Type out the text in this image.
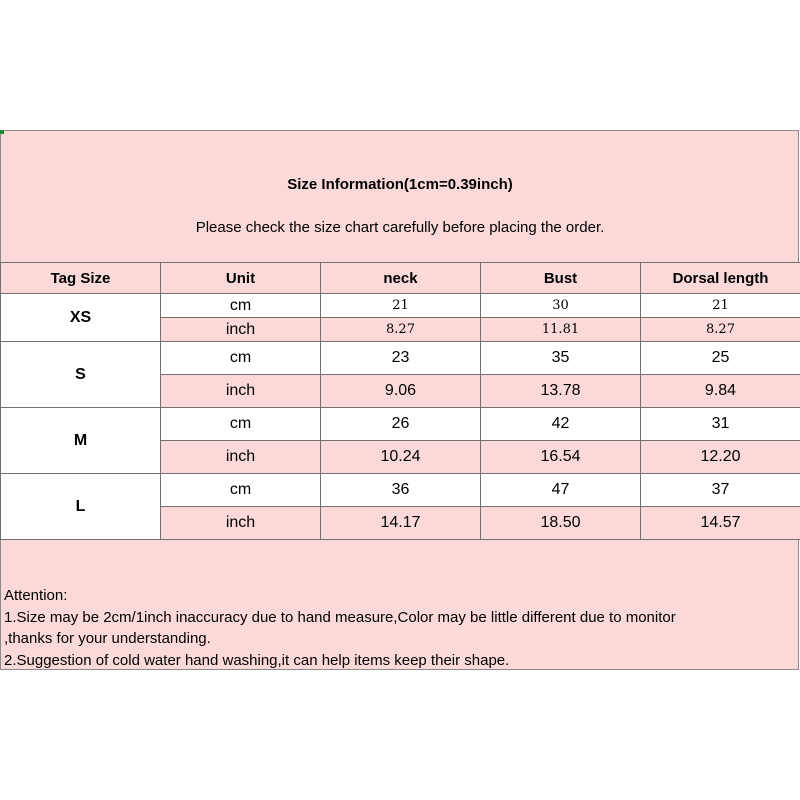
Size Information(1cm=0.39inch)
Please check the size chart carefully before placing the order.
Tag Size	Unit	neck	Bust	Dorsal length
XS	cm	21	30	21
	inch	8.27	11.81	8.27
S	cm	23	35	25
	inch	9.06	13.78	9.84
M	cm	26	42	31
	inch	10.24	16.54	12.20
L	cm	36	47	37
	inch	14.17	18.50	14.57
Attention:
1.Size may be 2cm/1inch inaccuracy due to hand measure,Color may be little different due to monitor
,thanks for your understanding.
2.Suggestion of cold water hand washing,it can help items keep their shape.
